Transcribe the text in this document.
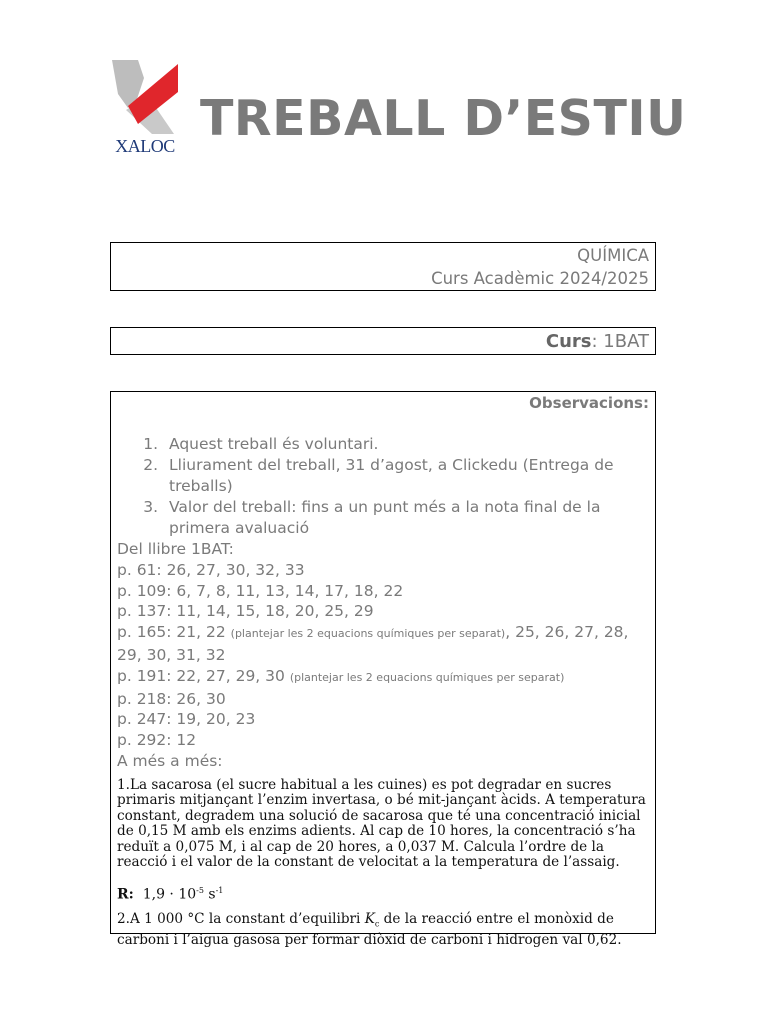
XALOC TREBALL D’ESTIU
QUÍMICA
Curs Acadèmic 2024/2025
Curs: 1BAT
Observacions:
1. Aquest treball és voluntari.
2. Lliurament del treball, 31 d’agost, a Clickedu (Entrega de treballs)
3. Valor del treball: fins a un punt més a la nota final de la primera avaluació
Del llibre 1BAT:
p. 61: 26, 27, 30, 32, 33
p. 109: 6, 7, 8, 11, 13, 14, 17, 18, 22
p. 137: 11, 14, 15, 18, 20, 25, 29
p. 165: 21, 22 (plantejar les 2 equacions químiques per separat), 25, 26, 27, 28, 29, 30, 31, 32
p. 191: 22, 27, 29, 30 (plantejar les 2 equacions químiques per separat)
p. 218: 26, 30
p. 247: 19, 20, 23
p. 292: 12
A més a més:
1.La sacarosa (el sucre habitual a les cuines) es pot degradar en sucres primaris mitjançant l’enzim invertasa, o bé mit-jançant àcids. A temperatura constant, degradem una solució de sacarosa que té una concentració inicial de 0,15 M amb els enzims adients. Al cap de 10 hores, la concentració s’ha reduït a 0,075 M, i al cap de 20 hores, a 0,037 M. Calcula l’ordre de la reacció i el valor de la constant de velocitat a la temperatura de l’assaig.
R: $1,9 \cdot 10^{-5}$ $s^{-1}$
2.A 1 000 °C la constant d’equilibri $K_c$ de la reacció entre el monòxid de carboni i l’aigua gasosa per formar diòxid de carboni i hidrogen val 0,62.
